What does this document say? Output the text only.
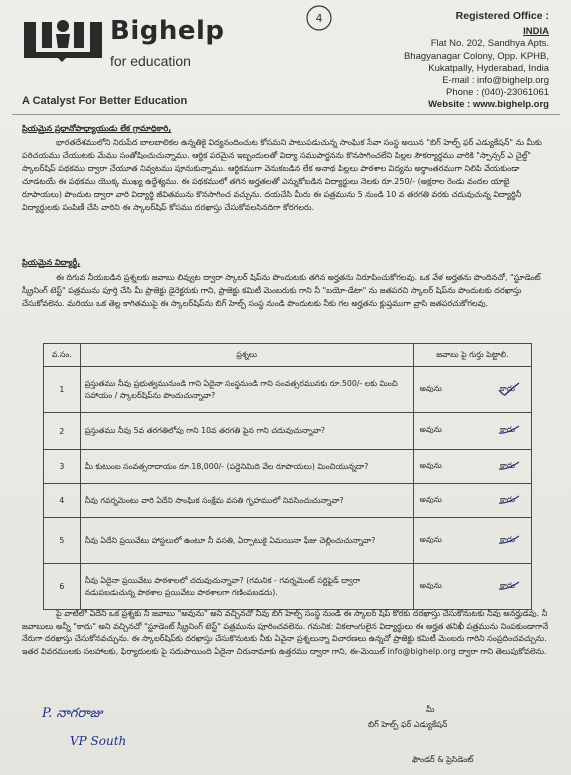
Bighelp
for education
A Catalyst For Better Education
4	Registered Office :
INDIA
Flat No. 202, Sandhya Apts.
Bhagyanagar Colony, Opp. KPHB,
Kukatpally, Hyderabad, India
E-mail : info@bighelp.org
Phone : (040)-23061061
Website : www.bighelp.org
ప్రియమైన ప్రధానోపాధ్యాయుడు లేక గ్రామాధికారి,
భారతదేశములోని నిరుపేద బాలబాలికల ఉన్నతికై విద్యనందించుట కోసమని పాటుపడుచున్న సాంఘిక సేవా సంస్థ అయిన "బిగ్ హెల్ప్ ఫర్ ఎడ్యుకేషన్" ను మీకు పరిచయము చేయుటకు మేము సంతోషించుచున్నాము. ఆర్థిక పరమైన ఇబ్బందులతో విద్యా సముపార్జనను కొనసాగించలేని పిల్లల సౌకర్యార్థము వారికి "స్పాన్సర్ ఎ చైల్డ్" స్కాలర్‌షిప్ పథకము ద్వారా చేయూత నివ్వటము పూనుకున్నాము. ఆర్థికముగా వెనుకబడిన లేక అనాథ పిల్లలు పాఠశాల విద్యను అర్థాంతరముగా నిలిపి వేయకుండా చూడటయే ఈ పథకము యొక్క ముఖ్య ఉద్దేశ్యము. ఈ పథకములో తగిన అర్హతలతో ఎన్నుకోబడిన విద్యార్థులు నెలకు రూ.250/- (అక్షరాల రెండు వందల యాభై రూపాయలు) పొందుట ద్వారా వారి విద్యార్థి జీవితమును కొనసాగించ వచ్చును. దయచేసి మీరు ఈ పత్రమును 5 నుండి 10 వ తరగతి వరకు చదువుచున్న విద్యార్థినీ విద్యార్థులకు పంపిణీ చేసి వారిని ఈ స్కాలర్‌షిప్ కోసము దరఖాస్తు చేసుకోవలసినదిగా కోరగలరు.
ప్రియమైన విద్యార్థీ,
ఈ దిగువ నీయబడిన ప్రశ్నలకు జవాబు లివ్వుట ద్వారా స్కాలర్ షిప్‌ను పొందుటకు తగిన అర్హతను నిరూపించుకోగలవు. ఒక వేళ అర్హతను పొందినచో, "స్టూడెంట్ స్క్రీనింగ్ టెస్ట్" పత్రమును పూర్తి చేసి మీ ప్రాజెక్టు డైరెక్టరుకు గాని, ప్రాజెక్టు కమిటీ మెంబరుకు గాని నీ "బయో-డేటా" ను జతపరచి స్కాలర్ షిప్‌ను పొందుటకు దరఖాస్తు చేసుకోవలెను. మరియు ఒక తెల్ల కాగితముపై ఈ స్కాలర్‌షిప్‌ను బిగ్ హెల్ప్ సంస్థ నుండి పొందుటకు నీకు గల అర్హతను క్లుప్తముగా వ్రాసి జతపరచుకోగలవు.
వ.సం.	ప్రశ్నలు	జవాబు పై గుర్తు పెట్టాలి.
1	ప్రస్తుతము నీవు ప్రభుత్వమునుండి గాని ఏదైనా సంస్థనుండి గాని సంవత్సరమునకు రూ.500/- లకు మించి సహాయం / స్కాలర్‌షిప్‌ను పొందుచున్నావా?	అవును కాదు

2	ప్రస్తుతము నీవు 5వ తరగతిలోపు గాని 10వ తరగతి పైన గాని చదువుచున్నావా?	అవును కాదు

3	మీ కుటుంబ సంవత్సరాదాయం రూ.18,000/- (పద్దెనిమిది వేల రూపాయలు) మించియున్నదా?	అవును కాదు

4	నీవు గవర్నమెంటు వారి ఏదేని సాంఘిక సంక్షేమ వసతి గృహములో నివసించుచున్నావా?	అవును కాదు

5	నీవు ఏదేని ప్రయివేటు హాస్టలులో ఉంటూ నీ వసతి, ఏర్పాటుకై ఏమయినా ఫీజు చెల్లించుచున్నావా?	అవును కాదు

6	నీవు ఏదైనా ప్రయివేటు పాఠశాలలో చదువుచున్నావా? (గమనిక - గవర్నమెంట్ సర్టిఫైడ్ ద్వారా నడుపబడుచున్న పాఠశాల ప్రయివేటు పాఠశాలగా గణింపబడదు).	అవును కాదు
పై వాటిలో ఏదేని ఒక ప్రశ్నకు నీ జవాబు "అవును" అని వచ్చినచో నీవు బిగ్ హెల్ప్ సంస్థ నుండి ఈ స్కాలర్ షిప్ కొరకు దరఖాస్తు చేసుకొనుటకు నీవు అనర్హుడవు. నీ జవాబులు అన్నీ "కాదు" అని వచ్చినచో "స్టూడెంట్ స్క్రీనింగ్ టెస్ట్" పత్రమును పూరించవలెను. గమనిక: వికలాంగులైన విద్యార్థులు ఈ అర్హత తనిఖీ పత్రమును నింపకుండాగానే నేరుగా దరఖాస్తు చేసుకోనవచ్చును. ఈ స్కాలర్‌షిప్‌కు దరఖాస్తు చేసుకొనుటకు నీకు ఏవైనా ప్రశ్నలున్నా విచారణలు ఉన్నచో ప్రాజెక్టు కమిటీ మెంబరు గారిని సంప్రదించవచ్చును. ఇతర వివరములకు సలహాలకు, ఫిర్యాదులకు పై సదుపాయింది ఏదైనా చిరునామాకు ఉత్తరము ద్వారా గాని, ఈ-మెయిల్ info@bighelp.org ద్వారా గాని తెలుపుకోవలెను.
P. నాగరాజు
VP South
మీ
బిగ్ హెల్ప్ ఫర్ ఎడ్యుకేషన్
ఫౌండర్ & ప్రెసిడెంట్
